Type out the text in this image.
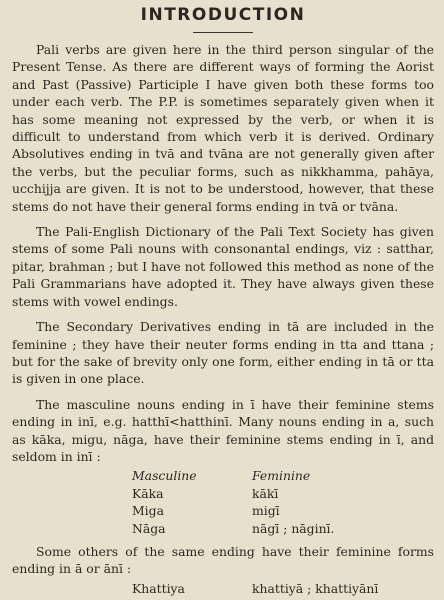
INTRODUCTION

Pali verbs are given here in the third person singular of the Present Tense. As there are different ways of forming the Aorist and Past (Passive) Participle I have given both these forms too under each verb. The P.P. is sometimes separately given when it has some meaning not expressed by the verb, or when it is difficult to understand from which verb it is derived. Ordinary Absolutives ending in tvā and tvāna are not generally given after the verbs, but the peculiar forms, such as nikkhamma, pahāya, ucchijja are given. It is not to be understood, however, that these stems do not have their general forms ending in tvā or tvāna.

The Pali-English Dictionary of the Pali Text Society has given stems of some Pali nouns with consonantal endings, viz : satthar, pitar, brahman ; but I have not followed this method as none of the Pali Grammarians have adopted it. They have always given these stems with vowel endings.

The Secondary Derivatives ending in tā are included in the feminine ; they have their neuter forms ending in tta and ttana ; but for the sake of brevity only one form, either ending in tā or tta is given in one place.

The masculine nouns ending in ī have their feminine stems ending in inī, e.g. hatthī<hatthinī. Many nouns ending in a, such as kāka, migu, nāga, have their feminine stems ending in ī, and seldom in inī :

Masculine	Feminine
Kāka	kākī
Miga	migī
Nāga	nāgī ; nāginī.

Some others of the same ending have their feminine forms ending in ā or ānī :

Khattiya	khattiyā ; khattiyānī
